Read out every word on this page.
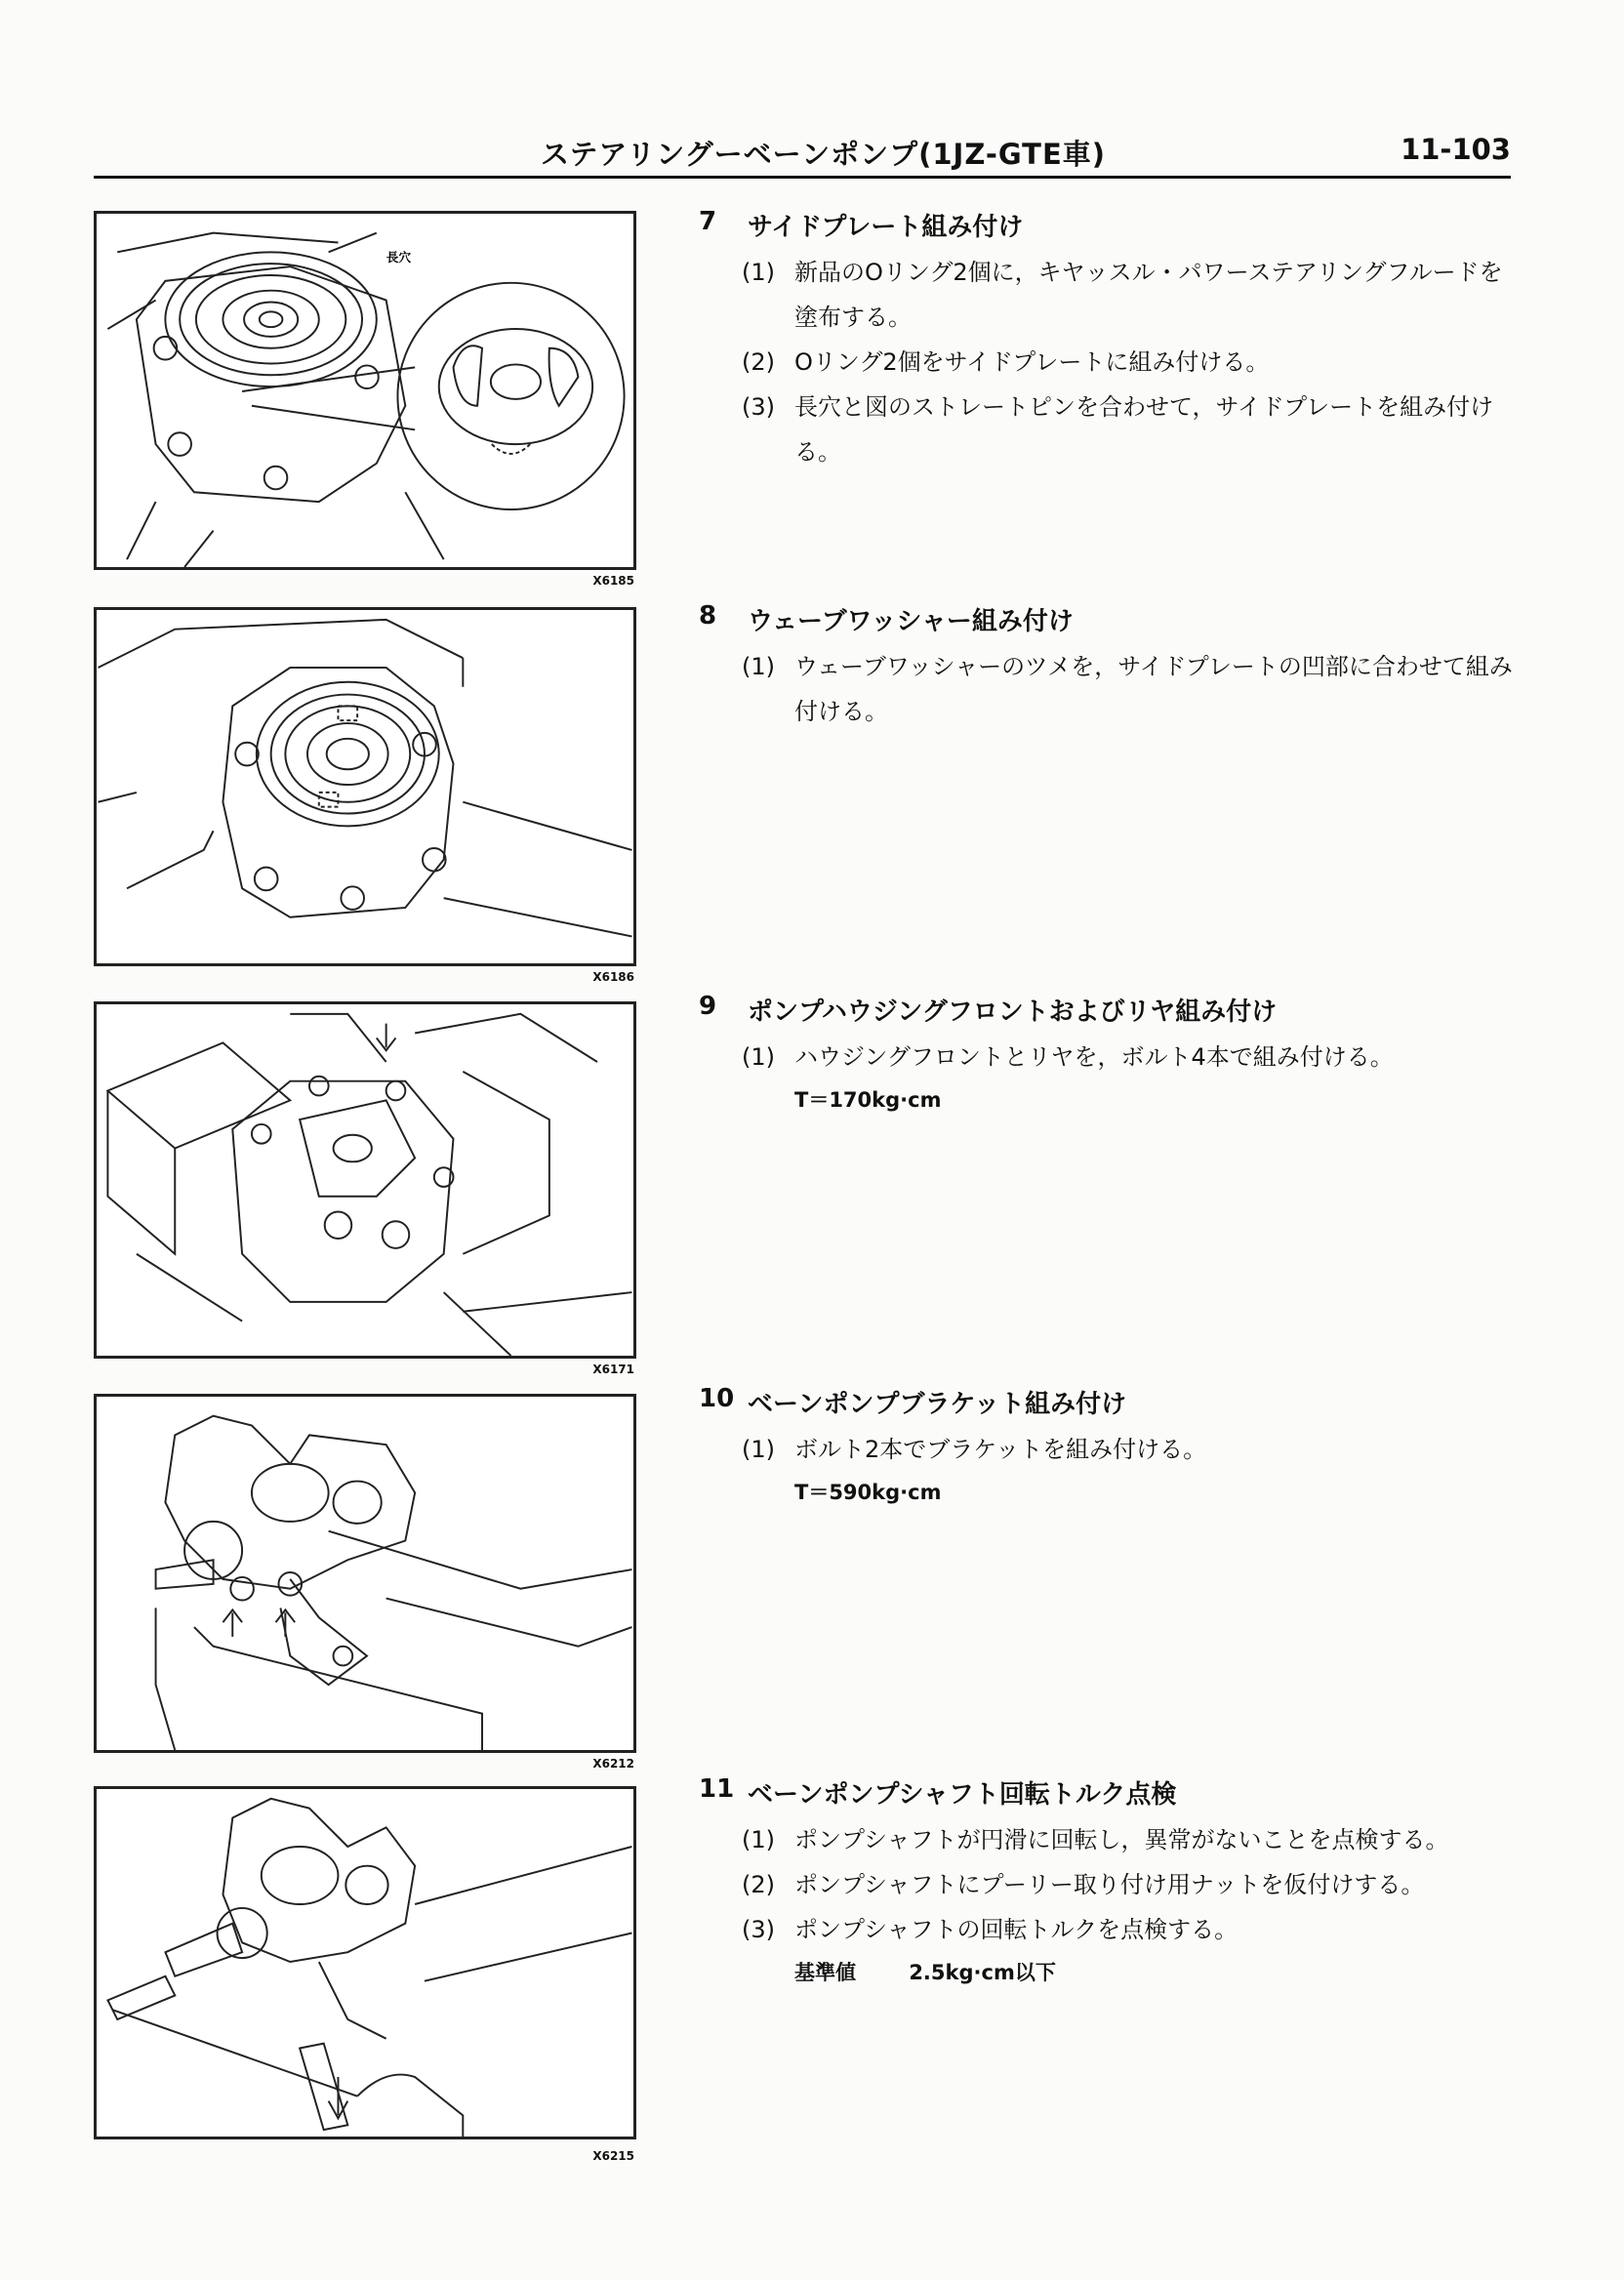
ステアリングーベーンポンプ(1JZ-GTE車)	11-103
長穴
X6185
X6186
X6171
X6212
X6215
7	サイドプレート組み付け
(1) 新品のOリング2個に，キヤッスル・パワーステアリングフルードを塗布する。
(2) Oリング2個をサイドプレートに組み付ける。
(3) 長穴と図のストレートピンを合わせて，サイドプレートを組み付ける。
8	ウェーブワッシャー組み付け
(1) ウェーブワッシャーのツメを，サイドプレートの凹部に合わせて組み付ける。
9	ポンプハウジングフロントおよびリヤ組み付け
(1) ハウジングフロントとリヤを，ボルト4本で組み付ける。
T＝170kg·cm
10 ベーンポンプブラケット組み付け
(1) ボルト2本でブラケットを組み付ける。
T＝590kg·cm
11 ベーンポンプシャフト回転トルク点検
(1) ポンプシャフトが円滑に回転し，異常がないことを点検する。
(2) ポンプシャフトにプーリー取り付け用ナットを仮付けする。
(3) ポンプシャフトの回転トルクを点検する。
基準値	2.5kg·cm以下
